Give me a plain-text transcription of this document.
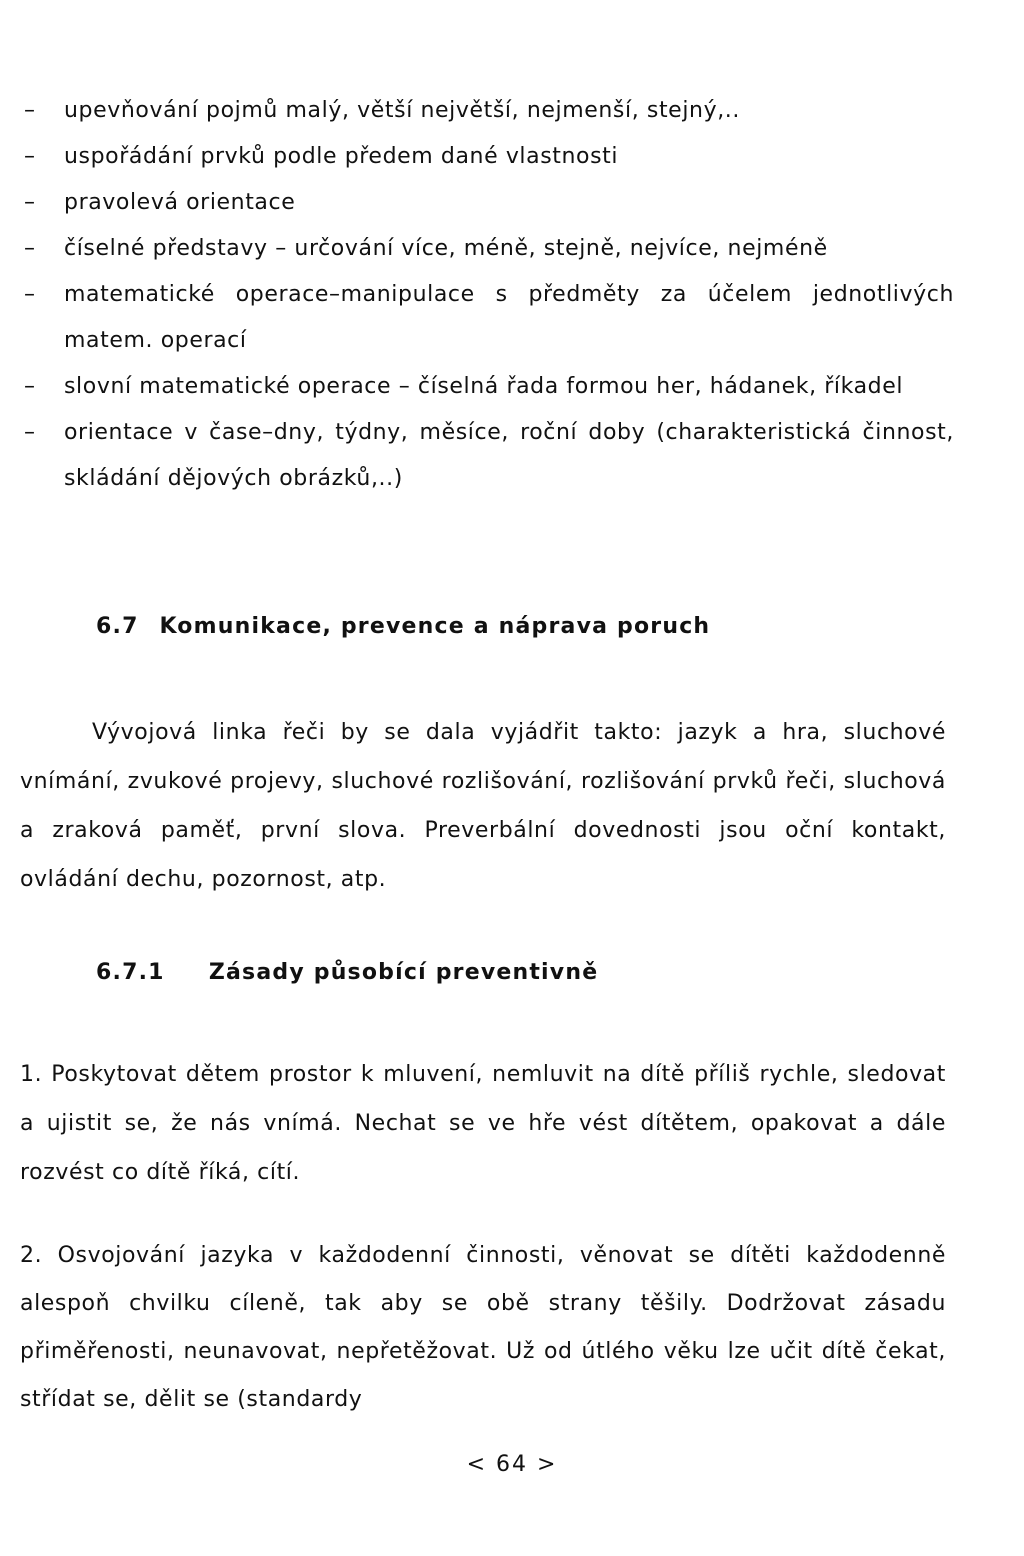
–	upevňování pojmů malý, větší největší, nejmenší, stejný,..
–	uspořádání prvků podle předem dané vlastnosti
–	pravolevá orientace
–	číselné představy – určování více, méně, stejně, nejvíce, nejméně
–	matematické operace–manipulace s předměty za účelem jednotlivých matem. operací
–	slovní matematické operace – číselná řada formou her, hádanek, říkadel
–	orientace v čase–dny, týdny, měsíce, roční doby (charakteristická činnost, skládání dějových obrázků,..)
6.7 Komunikace, prevence a náprava poruch

Vývojová linka řeči by se dala vyjádřit takto: jazyk a hra, sluchové vnímání, zvukové projevy, sluchové rozlišování, rozlišování prvků řeči, sluchová a zraková paměť, první slova. Preverbální dovednosti jsou oční kontakt, ovládání dechu, pozornost, atp.

6.7.1 Zásady působící preventivně

1. Poskytovat dětem prostor k mluvení, nemluvit na dítě příliš rychle, sledovat a ujistit se, že nás vnímá. Nechat se ve hře vést dítětem, opakovat a dále rozvést co dítě říká, cítí.

2. Osvojování jazyka v každodenní činnosti, věnovat se dítěti každodenně alespoň chvilku cíleně, tak aby se obě strany těšily. Dodržovat zásadu přiměřenosti, neunavovat, nepřetěžovat. Už od útlého věku lze učit dítě čekat, střídat se, dělit se (standardy

< 64 >
